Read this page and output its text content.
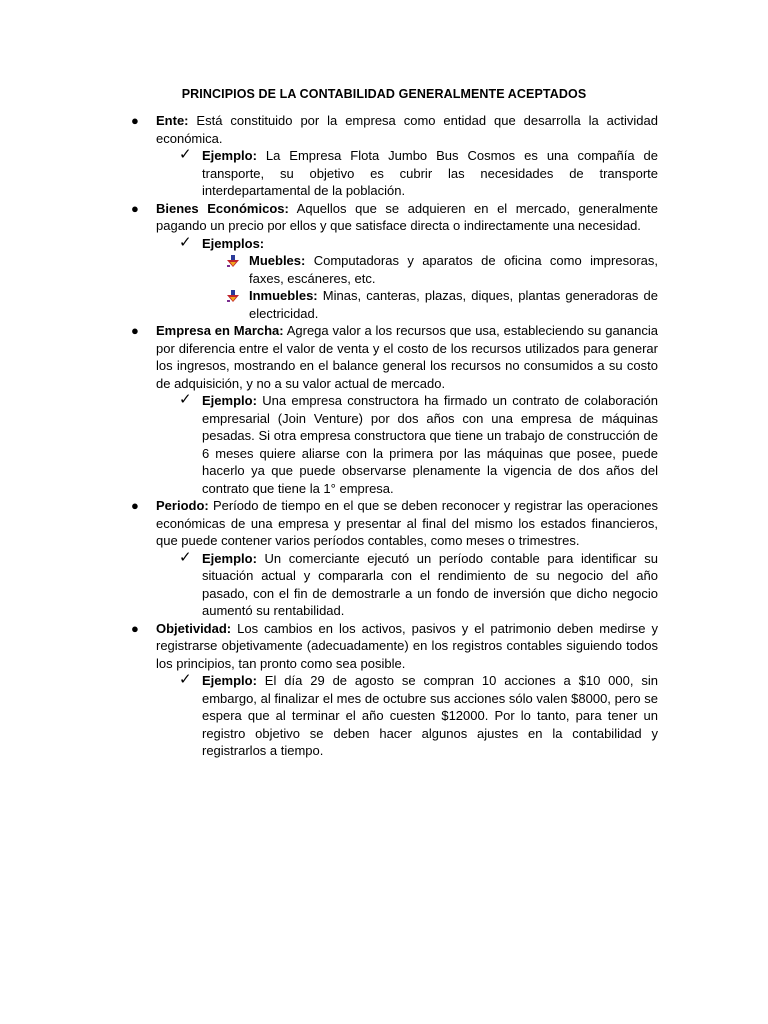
PRINCIPIOS DE LA CONTABILIDAD GENERALMENTE ACEPTADOS
● Ente: Está constituido por la empresa como entidad que desarrolla la actividad económica.
✓ Ejemplo: La Empresa Flota Jumbo Bus Cosmos es una compañía de transporte, su objetivo es cubrir las necesidades de transporte interdepartamental de la población.
● Bienes Económicos: Aquellos que se adquieren en el mercado, generalmente pagando un precio por ellos y que satisface directa o indirectamente una necesidad.
✓ Ejemplos:
Muebles: Computadoras y aparatos de oficina como impresoras, faxes, escáneres, etc.
Inmuebles: Minas, canteras, plazas, diques, plantas generadoras de electricidad.
● Empresa en Marcha: Agrega valor a los recursos que usa, estableciendo su ganancia por diferencia entre el valor de venta y el costo de los recursos utilizados para generar los ingresos, mostrando en el balance general los recursos no consumidos a su costo de adquisición, y no a su valor actual de mercado.
✓ Ejemplo: Una empresa constructora ha firmado un contrato de colaboración empresarial (Join Venture) por dos años con una empresa de máquinas pesadas. Si otra empresa constructora que tiene un trabajo de construcción de 6 meses quiere aliarse con la primera por las máquinas que posee, puede hacerlo ya que puede observarse plenamente la vigencia de dos años del contrato que tiene la 1° empresa.
● Periodo: Período de tiempo en el que se deben reconocer y registrar las operaciones económicas de una empresa y presentar al final del mismo los estados financieros, que puede contener varios períodos contables, como meses o trimestres.
✓ Ejemplo: Un comerciante ejecutó un período contable para identificar su situación actual y compararla con el rendimiento de su negocio del año pasado, con el fin de demostrarle a un fondo de inversión que dicho negocio aumentó su rentabilidad.
● Objetividad: Los cambios en los activos, pasivos y el patrimonio deben medirse y registrarse objetivamente (adecuadamente) en los registros contables siguiendo todos los principios, tan pronto como sea posible.
✓ Ejemplo: El día 29 de agosto se compran 10 acciones a $10 000, sin embargo, al finalizar el mes de octubre sus acciones sólo valen $8000, pero se espera que al terminar el año cuesten $12000. Por lo tanto, para tener un registro objetivo se deben hacer algunos ajustes en la contabilidad y registrarlos a tiempo.
